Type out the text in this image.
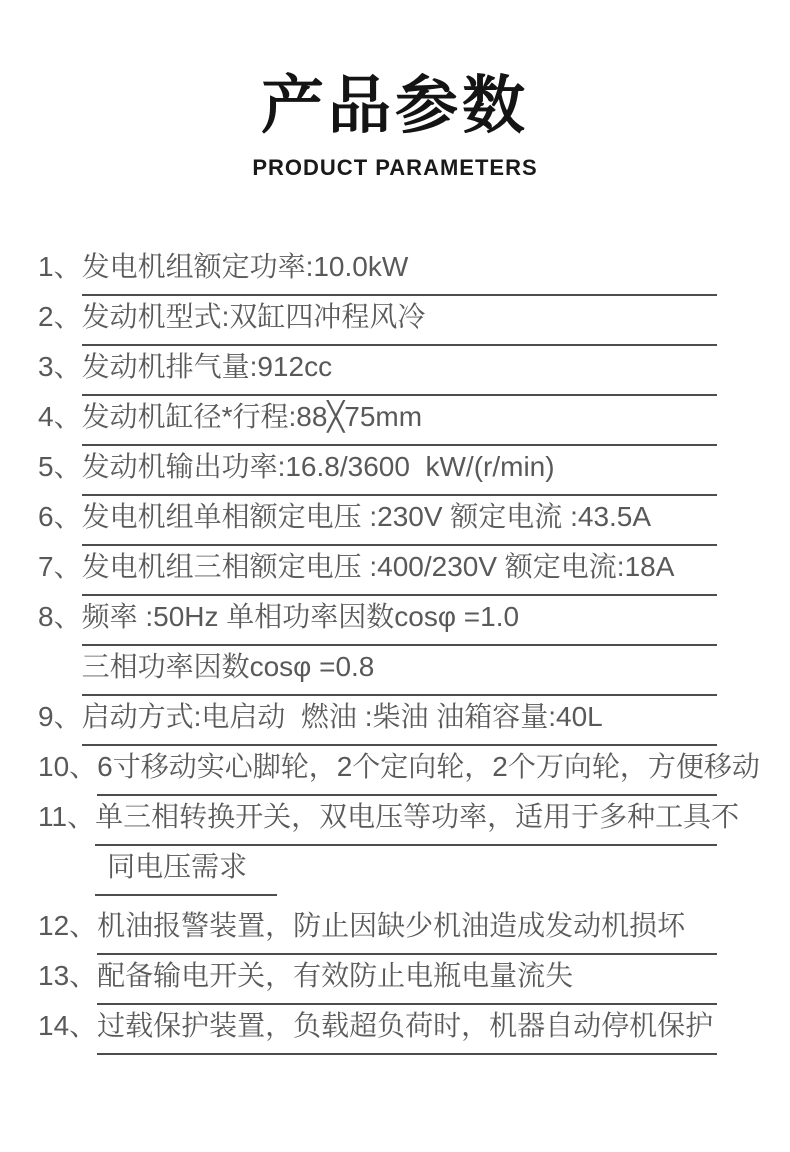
产品参数
PRODUCT PARAMETERS
1、 发电机组额定功率:10.0kW
2、 发动机型式:双缸四冲程风冷
3、 发动机排气量:912cc
4、 发动机缸径*行程:88╳75mm
5、 发动机输出功率:16.8/3600  kW/(r/min)
6、 发电机组单相额定电压 :230V 额定电流 :43.5A
7、 发电机组三相额定电压 :400/230V 额定电流:18A
8、 频率 :50Hz 单相功率因数cosφ =1.0
三相功率因数cosφ =0.8
9、 启动方式:电启动  燃油 :柴油 油箱容量:40L
10、 6寸移动实心脚轮，2个定向轮，2个万向轮，方便移动
11、 单三相转换开关，双电压等功率，适用于多种工具不
同电压需求
12、 机油报警装置，防止因缺少机油造成发动机损坏
13、 配备输电开关，有效防止电瓶电量流失
14、 过载保护装置，负载超负荷时，机器自动停机保护
